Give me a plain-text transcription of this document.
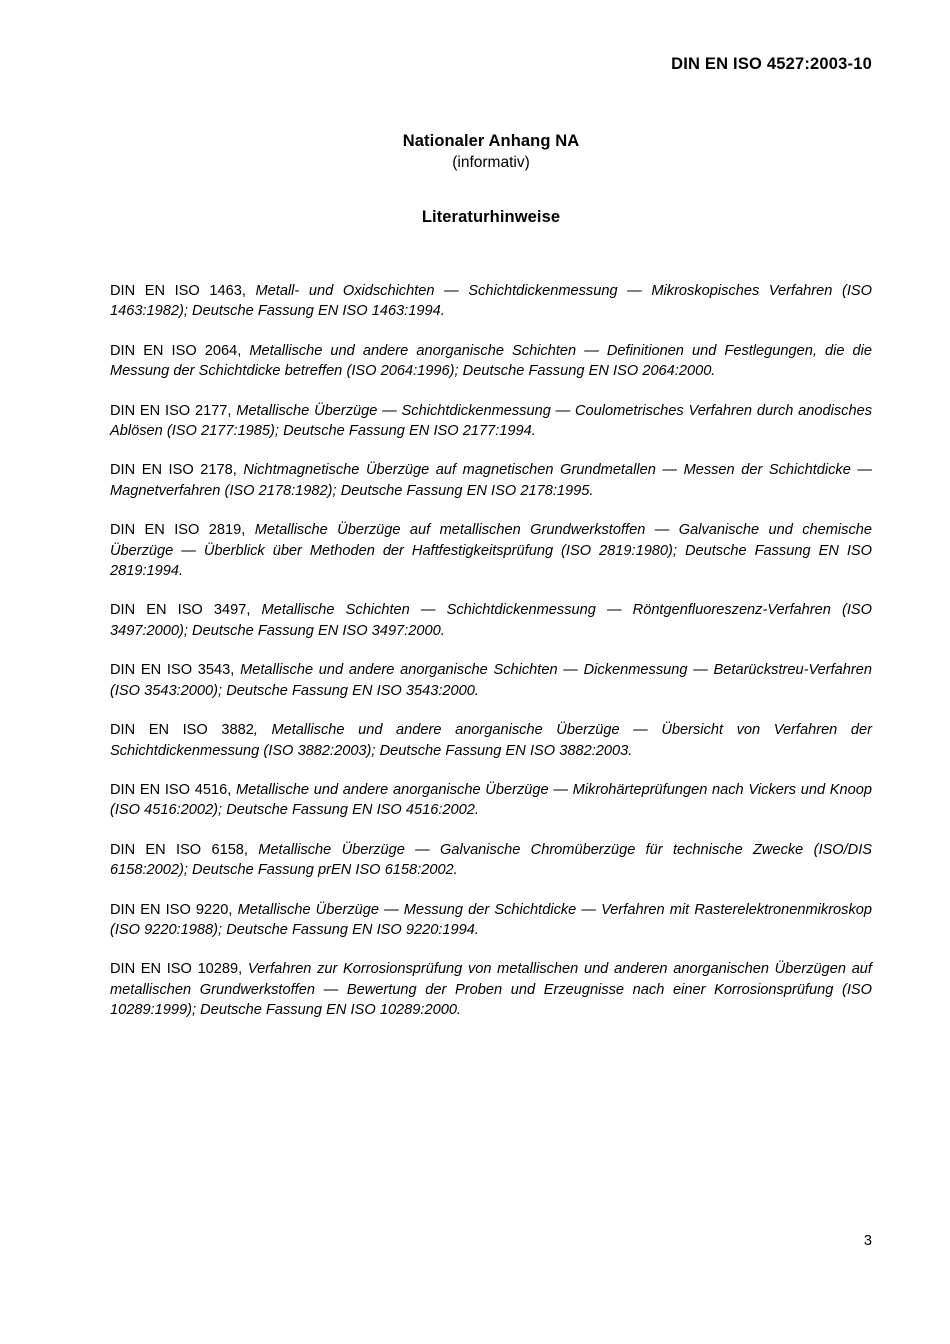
DIN EN ISO 4527:2003-10
Nationaler Anhang NA
(informativ)
Literaturhinweise

DIN EN ISO 1463, Metall- und Oxidschichten — Schichtdickenmessung — Mikroskopisches Verfahren (ISO 1463:1982); Deutsche Fassung EN ISO 1463:1994.

DIN EN ISO 2064, Metallische und andere anorganische Schichten — Definitionen und Festlegungen, die die Messung der Schichtdicke betreffen (ISO 2064:1996); Deutsche Fassung EN ISO 2064:2000.

DIN EN ISO 2177, Metallische Überzüge — Schichtdickenmessung — Coulometrisches Verfahren durch anodisches Ablösen (ISO 2177:1985); Deutsche Fassung EN ISO 2177:1994.

DIN EN ISO 2178, Nichtmagnetische Überzüge auf magnetischen Grundmetallen — Messen der Schichtdicke — Magnetverfahren (ISO 2178:1982); Deutsche Fassung EN ISO 2178:1995.

DIN EN ISO 2819, Metallische Überzüge auf metallischen Grundwerkstoffen — Galvanische und chemische Überzüge — Überblick über Methoden der Haftfestigkeitsprüfung (ISO 2819:1980); Deutsche Fassung EN ISO 2819:1994.

DIN EN ISO 3497, Metallische Schichten — Schichtdickenmessung — Röntgenfluoreszenz-Verfahren (ISO 3497:2000); Deutsche Fassung EN ISO 3497:2000.

DIN EN ISO 3543, Metallische und andere anorganische Schichten — Dickenmessung — Betarückstreu-Verfahren (ISO 3543:2000); Deutsche Fassung EN ISO 3543:2000.

DIN EN ISO 3882, Metallische und andere anorganische Überzüge — Übersicht von Verfahren der Schichtdickenmessung (ISO 3882:2003); Deutsche Fassung EN ISO 3882:2003.

DIN EN ISO 4516, Metallische und andere anorganische Überzüge — Mikrohärteprüfungen nach Vickers und Knoop (ISO 4516:2002); Deutsche Fassung EN ISO 4516:2002.

DIN EN ISO 6158, Metallische Überzüge — Galvanische Chromüberzüge für technische Zwecke (ISO/DIS 6158:2002); Deutsche Fassung prEN ISO 6158:2002.

DIN EN ISO 9220, Metallische Überzüge — Messung der Schichtdicke — Verfahren mit Rasterelektronenmikroskop (ISO 9220:1988); Deutsche Fassung EN ISO 9220:1994.

DIN EN ISO 10289, Verfahren zur Korrosionsprüfung von metallischen und anderen anorganischen Überzügen auf metallischen Grundwerkstoffen — Bewertung der Proben und Erzeugnisse nach einer Korrosionsprüfung (ISO 10289:1999); Deutsche Fassung EN ISO 10289:2000.

3
